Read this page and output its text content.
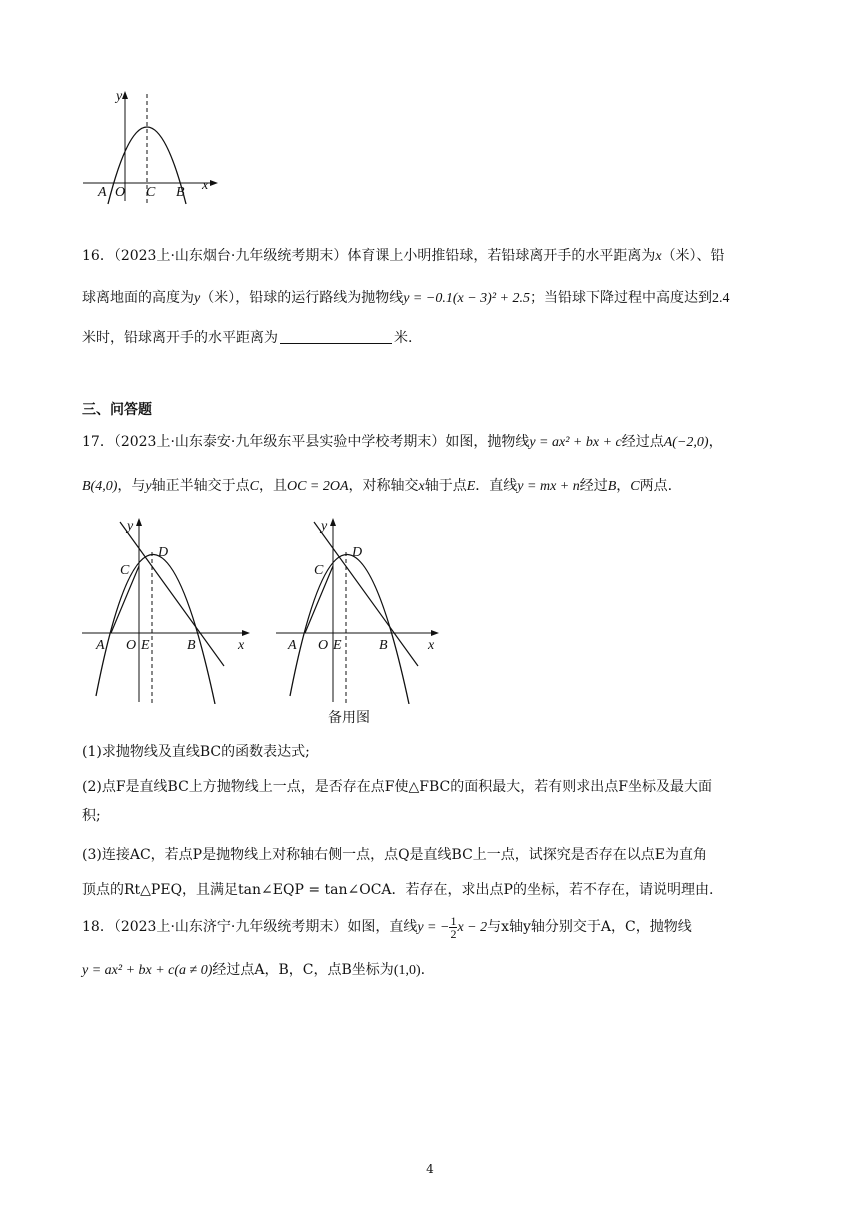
y
x
A O C B
16．（2023上·山东烟台·九年级统考期末）体育课上小明推铅球，若铅球离开手的水平距离为x（米）、铅
球离地面的高度为y（米），铅球的运行路线为抛物线y = −0.1(x − 3)² + 2.5；当铅球下降过程中高度达到2.4
米时，铅球离开手的水平距离为	米.
三、问答题
17．（2023上·山东泰安·九年级东平县实验中学校考期末）如图，抛物线y = ax² + bx + c经过点A(−2,0)，
B(4,0)，与y轴正半轴交于点C，且OC = 2OA，对称轴交x轴于点E．直线y = mx + n经过B，C两点.
y
x
D
C
A O E	B
y
x
D
C
A O E	B
备用图
(1)求抛物线及直线BC的函数表达式;
(2)点F是直线BC上方抛物线上一点，是否存在点F使△FBC的面积最大，若有则求出点F坐标及最大面
积;
(3)连接AC，若点P是抛物线上对称轴右侧一点，点Q是直线BC上一点，试探究是否存在以点E为直角
顶点的Rt△PEQ，且满足tan∠EQP = tan∠OCA．若存在，求出点P的坐标，若不存在，请说明理由.
18．（2023上·山东济宁·九年级统考期末）如图，直线y = − $\frac{1}{2}$ x − 2与x轴y轴分别交于A，C，抛物线
y = ax² + bx + c(a ≠ 0)经过点A，B，C，点B坐标为(1,0).
4
